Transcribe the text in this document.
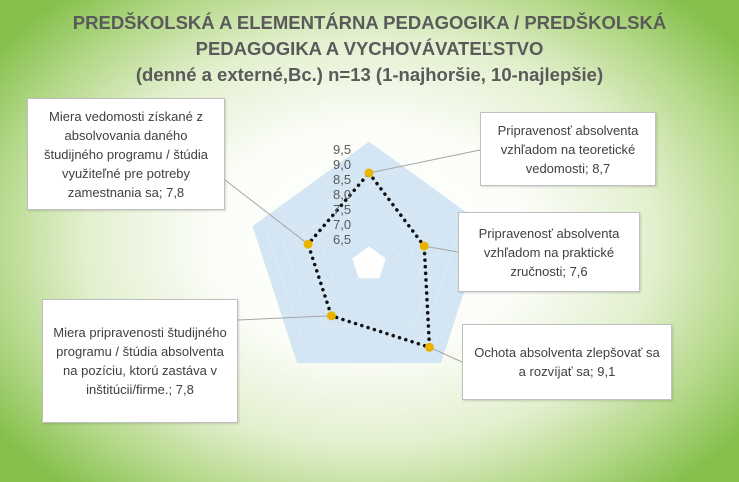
PREDŠKOLSKÁ A ELEMENTÁRNA PEDAGOGIKA / PREDŠKOLSKÁ

PEDAGOGIKA A VYCHOVÁVATEĽSTVO

(denné a externé,Bc.) n=13 (1-najhoršie, 10-najlepšie)

9,5
9,0
8,5
8,0
7,5
7,0
6,5
Pripravenosť absolventa vzhľadom na teoretické vedomosti; 8,7
Pripravenosť absolventa vzhľadom na praktické zručnosti; 7,6
Ochota absolventa zlepšovať sa a rozvíjať sa; 9,1
Miera pripravenosti študijného programu / štúdia absolventa na pozíciu, ktorú zastáva v inštitúcii/firme.; 7,8
Miera vedomosti získané z absolvovania daného študijného programu / štúdia využiteľné pre potreby zamestnania sa; 7,8
